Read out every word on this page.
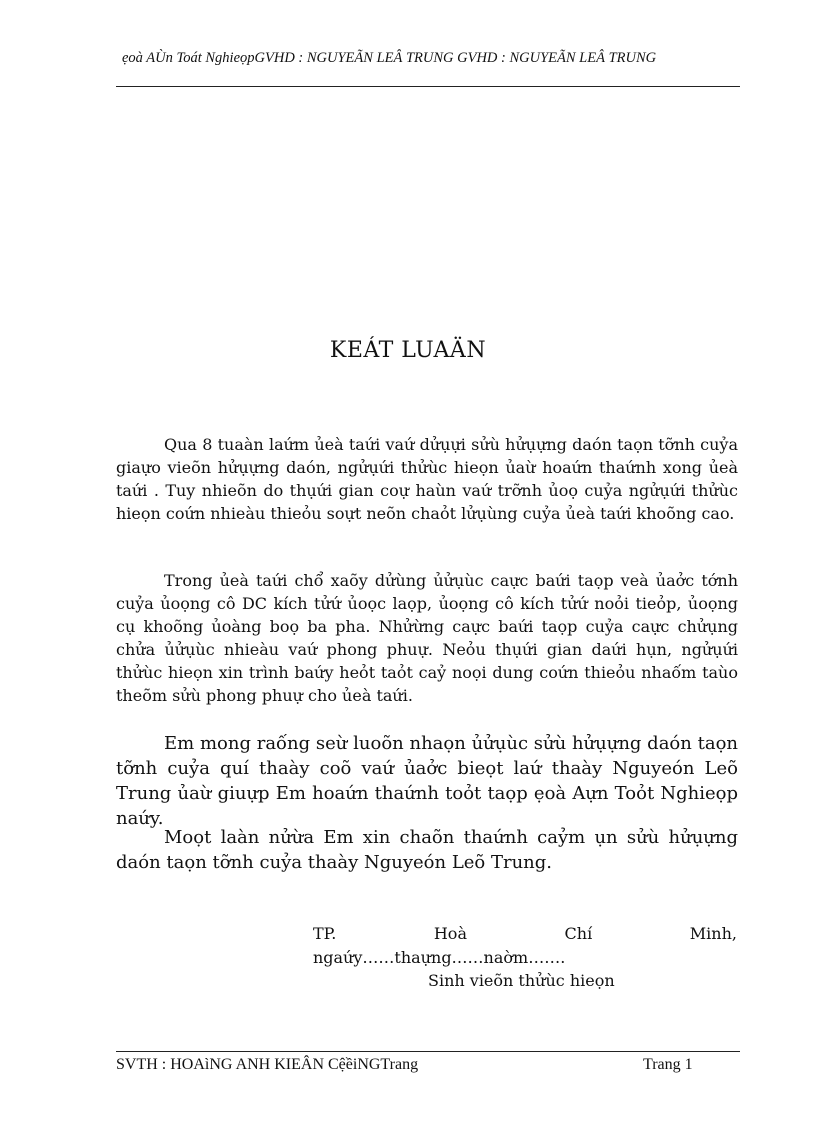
ẹoà AÙn Toát NghieọpGVHD : NGUYEÃN LEÂ TRUNG GVHD : NGUYEÃN LEÂ TRUNG
KEÁT LUAÄN

Qua 8 tuaàn laứm ủeà taứi vaứ dửụựi sửù hửụựng daón taọn tỡnh cuỷa giaựo vieõn hửụựng daón, ngửụứi thửùc hieọn ủaừ hoaứn thaứnh xong ủeà taứi . Tuy nhieõn do thụứi gian coự haùn vaứ trỡnh ủoọ cuỷa ngửụứi thửùc hieọn coứn nhieàu thieỏu soựt neõn chaỏt lửụùng cuỷa ủeà taứi khoõng cao.

Trong ủeà taứi chổ xaõy dửùng ủửụùc caực baứi taọp veà ủaởc tớnh cuỷa ủoọng cô DC kích tửứ ủoọc laọp, ủoọng cô kích tửứ noỏi tieỏp, ủoọng cụ khoõng ủoàng boọ ba pha. Nhửừng caực baứi taọp cuỷa caực chửụng chửa ủửụùc nhieàu vaứ phong phuự. Neỏu thụứi gian daứi hụn, ngửụứi thửùc hieọn xin trình baứy heỏt taỏt caỷ noọi dung coứn thieỏu nhaốm taùo theõm sửù phong phuự cho ủeà taứi.

Em mong raống seừ luoõn nhaọn ủửụùc sửù hửụựng daón taọn tỡnh cuỷa quí thaày coõ vaứ ủaởc bieọt laứ thaày Nguyeón Leõ Trung ủaừ giuựp Em hoaứn thaứnh toỏt taọp ẹoà Aựn Toỏt Nghieọp naứy.

Moọt laàn nửừa Em xin chaõn thaứnh caỷm ụn sửù hửụựng daón taọn tỡnh cuỷa thaày Nguyeón Leõ Trung.

TP. Hoà Chí Minh,

ngaứy……thaựng……naờm…….

Sinh vieõn thửùc hieọn

SVTH : HOAìNG ANH KIEÂN CệềiNGTrang	Trang 1
